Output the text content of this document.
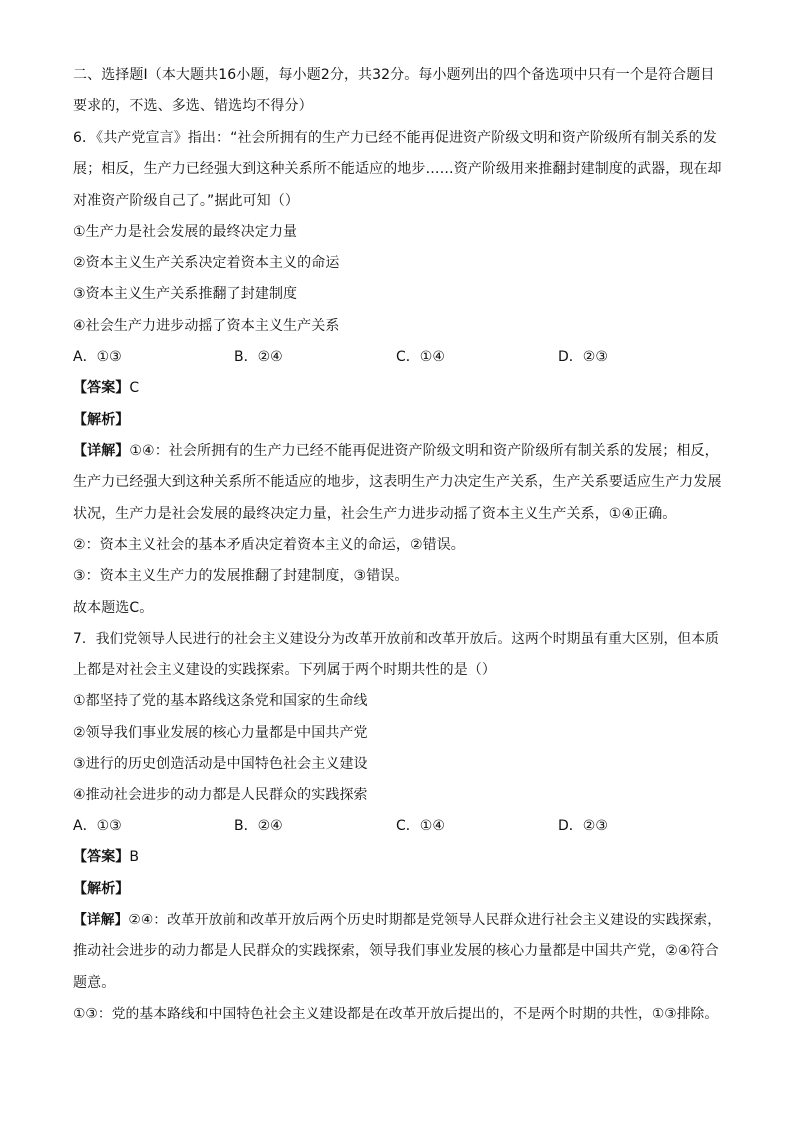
二、选择题Ⅰ（本大题共16小题，每小题2分，共32分。每小题列出的四个备选项中只有一个是符合题目
要求的，不选、多选、错选均不得分）
6．《共产党宣言》指出：“社会所拥有的生产力已经不能再促进资产阶级文明和资产阶级所有制关系的发
展；相反，生产力已经强大到这种关系所不能适应的地步……资产阶级用来推翻封建制度的武器，现在却
对准资产阶级自己了。”据此可知（）
①生产力是社会发展的最终决定力量
②资本主义生产关系决定着资本主义的命运
③资本主义生产关系推翻了封建制度
④社会生产力进步动摇了资本主义生产关系
A．①③	B．②④	C．①④	D．②③
【答案】C
【解析】
【详解】①④：社会所拥有的生产力已经不能再促进资产阶级文明和资产阶级所有制关系的发展；相反，
生产力已经强大到这种关系所不能适应的地步，这表明生产力决定生产关系，生产关系要适应生产力发展
状况，生产力是社会发展的最终决定力量，社会生产力进步动摇了资本主义生产关系，①④正确。
②：资本主义社会的基本矛盾决定着资本主义的命运，②错误。
③：资本主义生产力的发展推翻了封建制度，③错误。
故本题选C。
7．我们党领导人民进行的社会主义建设分为改革开放前和改革开放后。这两个时期虽有重大区别，但本质
上都是对社会主义建设的实践探索。下列属于两个时期共性的是（）
①都坚持了党的基本路线这条党和国家的生命线
②领导我们事业发展的核心力量都是中国共产党
③进行的历史创造活动是中国特色社会主义建设
④推动社会进步的动力都是人民群众的实践探索
A．①③	B．②④	C．①④	D．②③
【答案】B
【解析】
【详解】②④：改革开放前和改革开放后两个历史时期都是党领导人民群众进行社会主义建设的实践探索，
推动社会进步的动力都是人民群众的实践探索，领导我们事业发展的核心力量都是中国共产党，②④符合
题意。
①③：党的基本路线和中国特色社会主义建设都是在改革开放后提出的，不是两个时期的共性，①③排除。
